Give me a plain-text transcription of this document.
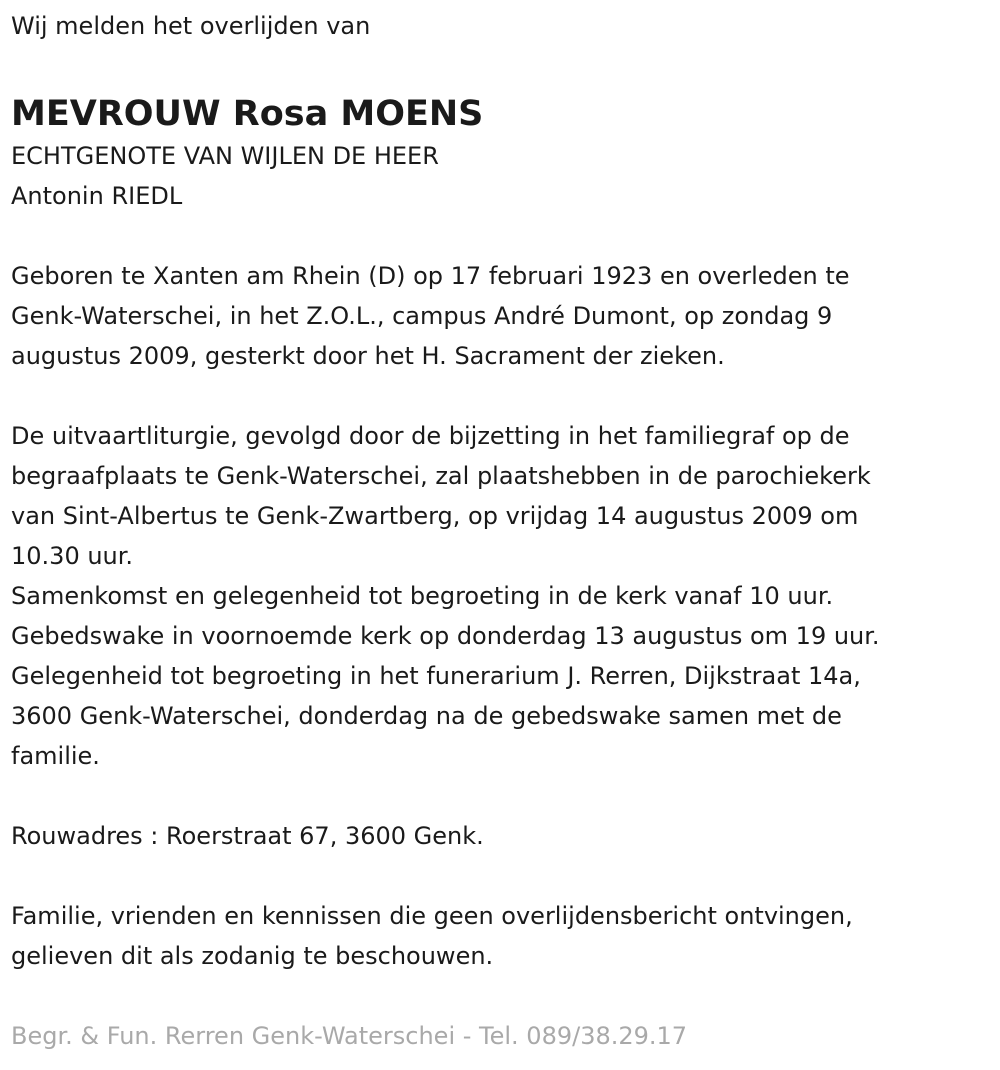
Wij melden het overlijden van
MEVROUW Rosa MOENS
ECHTGENOTE VAN WIJLEN DE HEER
Antonin RIEDL
Geboren te Xanten am Rhein (D) op 17 februari 1923 en overleden te
Genk-Waterschei, in het Z.O.L., campus André Dumont, op zondag 9
augustus 2009, gesterkt door het H. Sacrament der zieken.
De uitvaartliturgie, gevolgd door de bijzetting in het familiegraf op de
begraafplaats te Genk-Waterschei, zal plaatshebben in de parochiekerk
van Sint-Albertus te Genk-Zwartberg, op vrijdag 14 augustus 2009 om
10.30 uur.
Samenkomst en gelegenheid tot begroeting in de kerk vanaf 10 uur.
Gebedswake in voornoemde kerk op donderdag 13 augustus om 19 uur.
Gelegenheid tot begroeting in het funerarium J. Rerren, Dijkstraat 14a,
3600 Genk-Waterschei, donderdag na de gebedswake samen met de
familie.
Rouwadres : Roerstraat 67, 3600 Genk.
Familie, vrienden en kennissen die geen overlijdensbericht ontvingen,
gelieven dit als zodanig te beschouwen.
Begr. & Fun. Rerren Genk-Waterschei - Tel. 089/38.29.17
